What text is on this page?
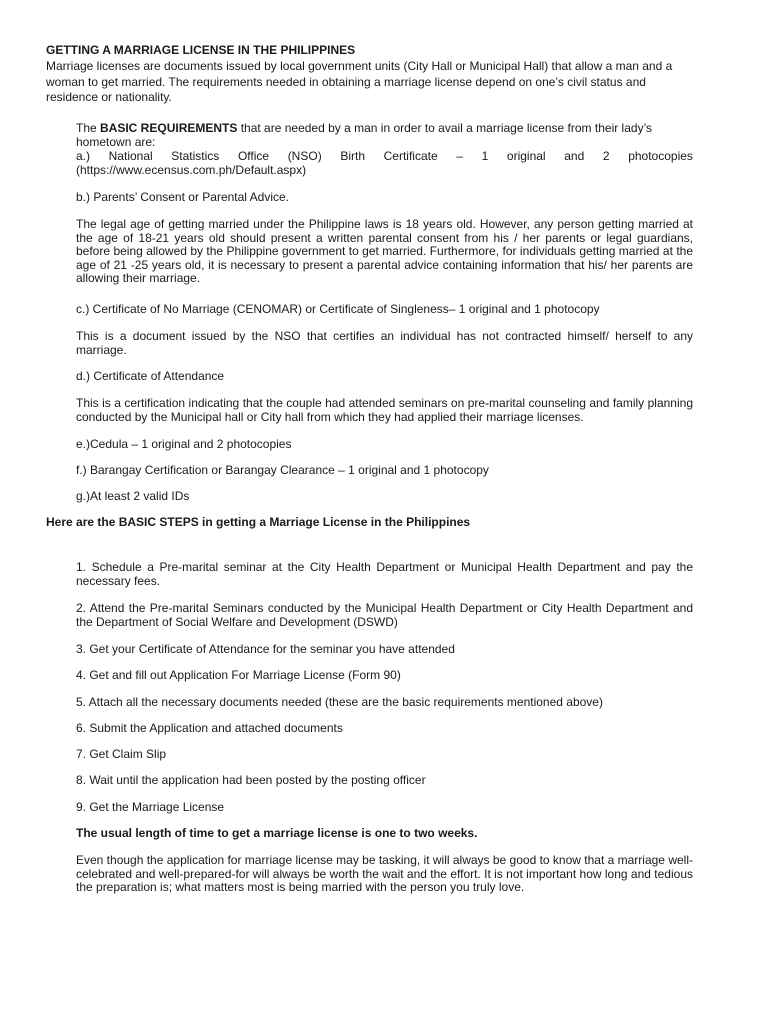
GETTING A MARRIAGE LICENSE IN THE PHILIPPINES
Marriage licenses are documents issued by local government units (City Hall or Municipal Hall) that allow a man and a
woman to get married. The requirements needed in obtaining a marriage license depend on one’s civil status and
residence or nationality.
The BASIC REQUIREMENTS that are needed by a man in order to avail a marriage license from their lady’s
hometown are:
a.) National Statistics Office (NSO) Birth Certificate – 1 original and 2 photocopies
(https://www.ecensus.com.ph/Default.aspx)
b.) Parents’ Consent or Parental Advice.
The legal age of getting married under the Philippine laws is 18 years old. However, any person getting married at the age of 18-21 years old should present a written parental consent from his / her parents or legal guardians, before being allowed by the Philippine government to get married. Furthermore, for individuals getting married at the age of 21 -25 years old, it is necessary to present a parental advice containing information that his/ her parents are allowing their marriage.
c.) Certificate of No Marriage (CENOMAR) or Certificate of Singleness– 1 original and 1 photocopy
This is a document issued by the NSO that certifies an individual has not contracted himself/ herself to any marriage.
d.) Certificate of Attendance
This is a certification indicating that the couple had attended seminars on pre-marital counseling and family planning conducted by the Municipal hall or City hall from which they had applied their marriage licenses.
e.)Cedula – 1 original and 2 photocopies
f.) Barangay Certification or Barangay Clearance – 1 original and 1 photocopy
g.)At least 2 valid IDs
Here are the BASIC STEPS in getting a Marriage License in the Philippines
1. Schedule a Pre-marital seminar at the City Health Department or Municipal Health Department and pay the necessary fees.
2. Attend the Pre-marital Seminars conducted by the Municipal Health Department or City Health Department and the Department of Social Welfare and Development (DSWD)
3. Get your Certificate of Attendance for the seminar you have attended
4. Get and fill out Application For Marriage License (Form 90)
5. Attach all the necessary documents needed (these are the basic requirements mentioned above)
6. Submit the Application and attached documents
7. Get Claim Slip
8. Wait until the application had been posted by the posting officer
9. Get the Marriage License
The usual length of time to get a marriage license is one to two weeks.
Even though the application for marriage license may be tasking, it will always be good to know that a marriage well-celebrated and well-prepared-for will always be worth the wait and the effort. It is not important how long and tedious the preparation is; what matters most is being married with the person you truly love.
